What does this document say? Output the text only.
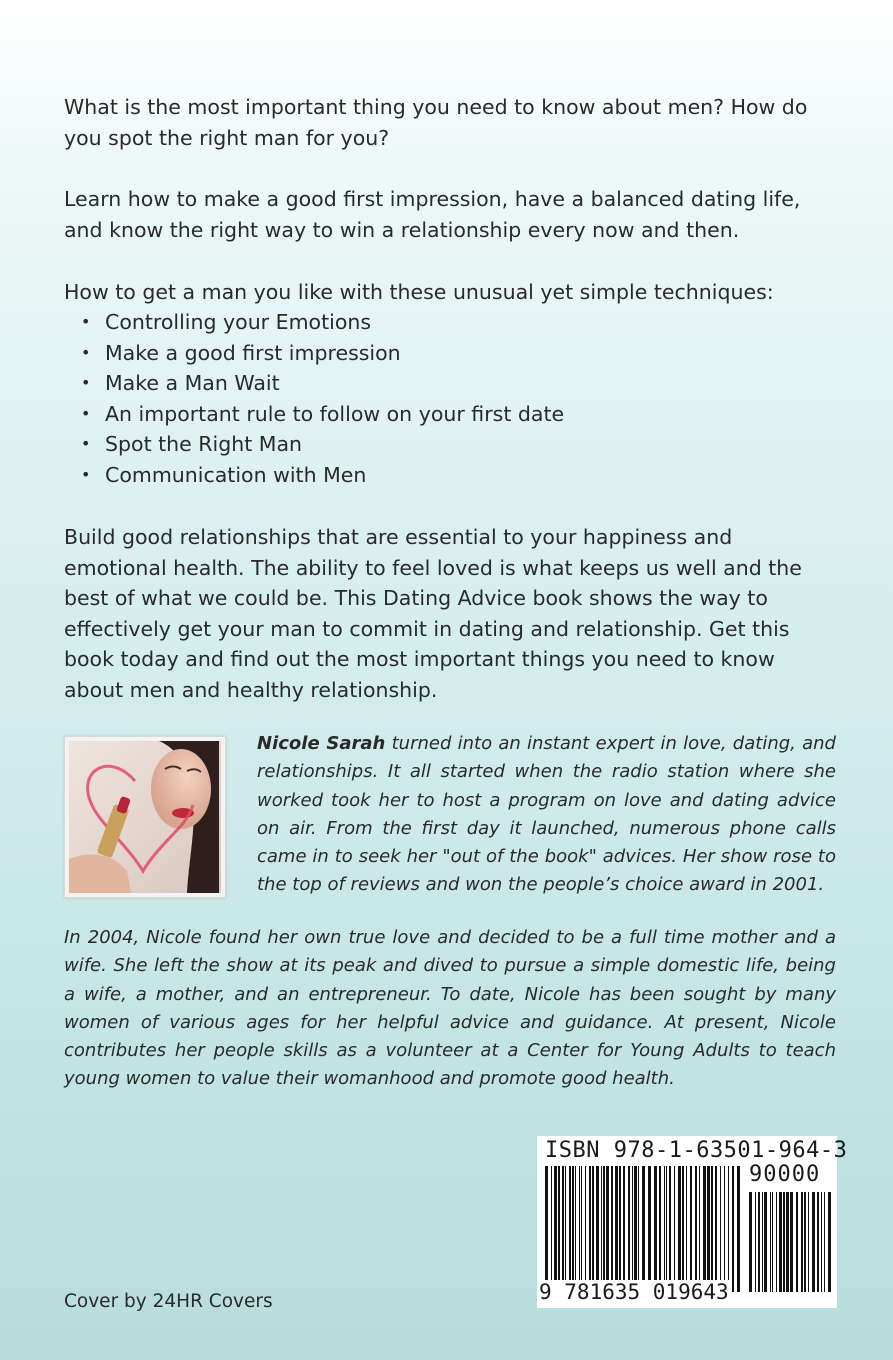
What is the most important thing you need to know about men? How do you spot the right man for you?

Learn how to make a good first impression, have a balanced dating life, and know the right way to win a relationship every now and then.

How to get a man you like with these unusual yet simple techniques:

• Controlling your Emotions
• Make a good first impression
• Make a Man Wait
• An important rule to follow on your first date
• Spot the Right Man
• Communication with Men

Build good relationships that are essential to your happiness and emotional health. The ability to feel loved is what keeps us well and the best of what we could be. This Dating Advice book shows the way to effectively get your man to commit in dating and relationship. Get this book today and find out the most important things you need to know about men and healthy relationship.

Nicole Sarah turned into an instant expert in love, dating, and relationships. It all started when the radio station where she worked took her to host a program on love and dating advice on air. From the first day it launched, numerous phone calls came in to seek her "out of the book" advices. Her show rose to the top of reviews and won the people’s choice award in 2001.

In 2004, Nicole found her own true love and decided to be a full time mother and a wife. She left the show at its peak and dived to pursue a simple domestic life, being a wife, a mother, and an entrepreneur. To date, Nicole has been sought by many women of various ages for her helpful advice and guidance. At present, Nicole contributes her people skills as a volunteer at a Center for Young Adults to teach young women to value their womanhood and promote good health.

ISBN 978-1-63501-964-3
90000
9 781635 019643

Cover by 24HR Covers
